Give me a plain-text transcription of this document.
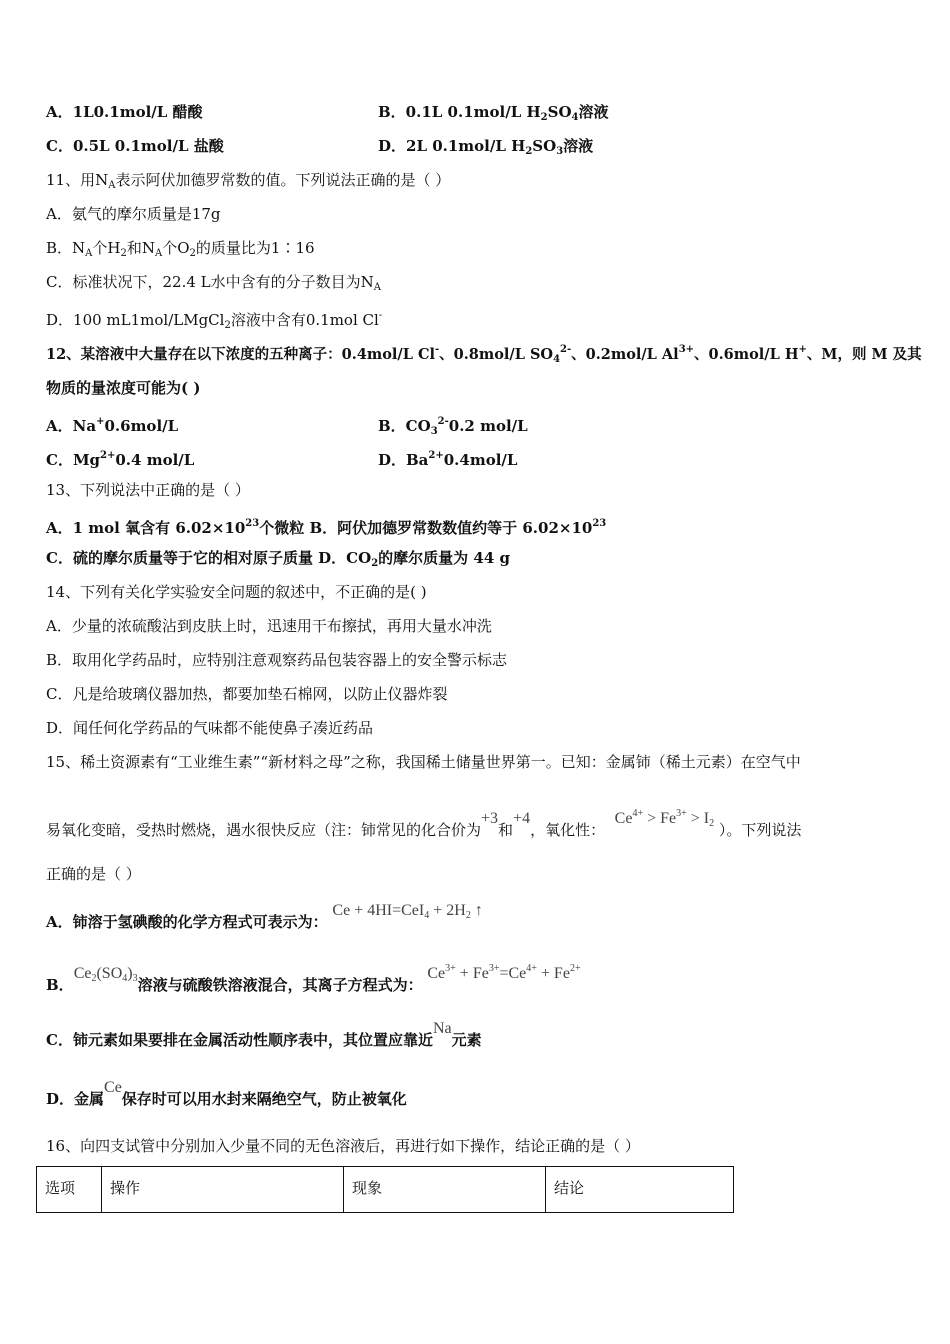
A．1L0.1mol/L 醋酸	B．0.1L 0.1mol/L $H_2SO_4$溶液
C．0.5L 0.1mol/L 盐酸	D．2L 0.1mol/L $H_2SO_3$溶液
11、用$N_A$表示阿伏加德罗常数的值。下列说法正确的是（ ）
A．氨气的摩尔质量是17g
B．$N_A$个$H_2$和$N_A$个$O_2$的质量比为1∶16
C．标准状况下，22.4 L水中含有的分子数目为$N_A$
D．100 mL1mol/LMgCl$_2$溶液中含有0.1mol Cl-
12、某溶液中大量存在以下浓度的五种离子：0.4mol/L Cl-、0.8mol/L $SO_4^{2-}$、0.2mol/L $Al^{3+}$、0.6mol/L H+、M，则 M 及其
物质的量浓度可能为( )
A．Na+0.6mol/L	B．$CO_3^{2-}0.2$ mol/L
C．$Mg^{2+}0.4$ mol/L	D．$Ba^{2+}0.4mol/L$
13、下列说法中正确的是（ ）
A．1 mol 氧含有 $6.02\times 10^{23}$个微粒 B．阿伏加德罗常数数值约等于 $6.02\times 10^{23}$
C．硫的摩尔质量等于它的相对原子质量 D．$CO_2$的摩尔质量为 44 g
14、下列有关化学实验安全问题的叙述中，不正确的是( )
A．少量的浓硫酸沾到皮肤上时，迅速用干布擦拭，再用大量水冲洗
B．取用化学药品时，应特别注意观察药品包装容器上的安全警示标志
C．凡是给玻璃仪器加热，都要加垫石棉网，以防止仪器炸裂
D．闻任何化学药品的气味都不能使鼻子凑近药品
15、稀土资源素有“工业维生素”“新材料之母”之称，我国稀土储量世界第一。已知：金属铈（稀土元素）在空气中
易氧化变暗，受热时燃烧，遇水很快反应（注：铈常见的化合价为+3和+4，氧化性：  $Ce^{4+} > Fe^{3+} > I_2$ ）。下列说法
正确的是（ ）
A．铈溶于氢碘酸的化学方程式可表示为： $Ce + 4HI=CeI_4 + 2H_2$ ↑
B．$Ce_2(SO_4)_3$溶液与硫酸铁溶液混合，其离子方程式为： $Ce^{3+} + Fe^{3+}=Ce^{4+} + Fe^{2+}$
C．铈元素如果要排在金属活动性顺序表中，其位置应靠近Na元素
D．金属Ce保存时可以用水封来隔绝空气，防止被氧化
16、向四支试管中分别加入少量不同的无色溶液后，再进行如下操作，结论正确的是（ ）
选项	操作	现象	结论
